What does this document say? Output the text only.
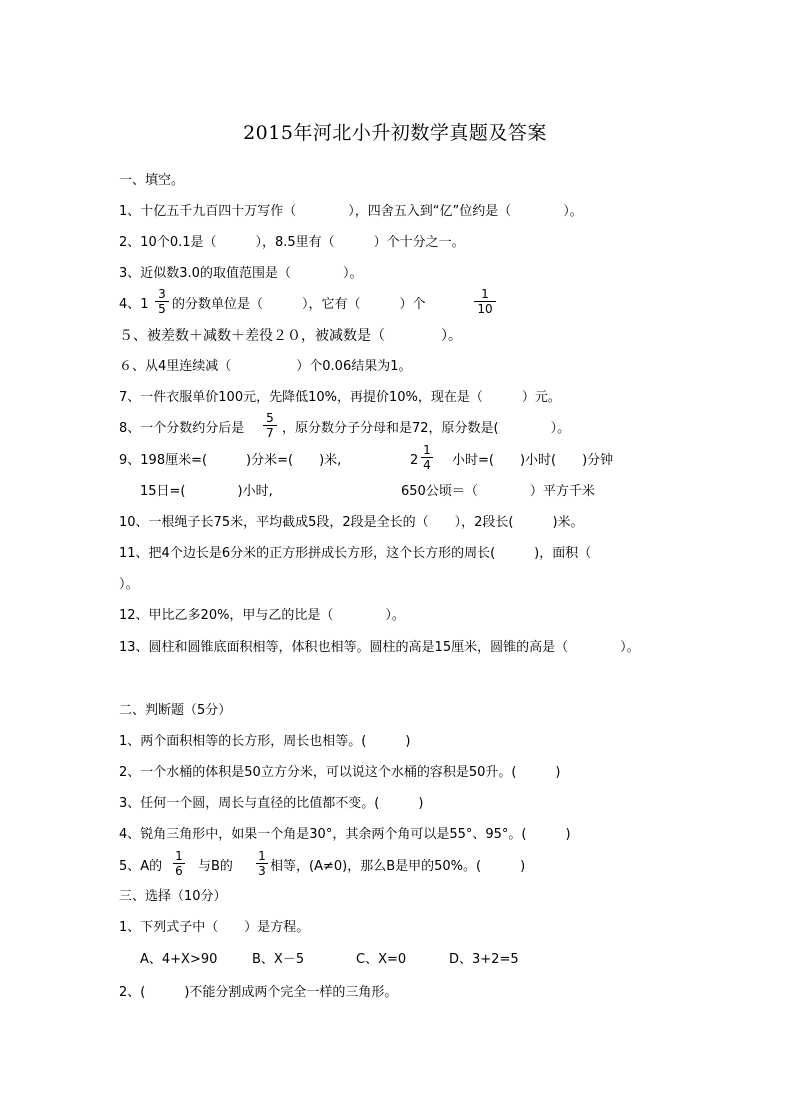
2015年河北小升初数学真题及答案
一、填空。
1、十亿五千九百四十万写作（　　　　），四舍五入到“亿”位约是（　　　　）。
2、10个0.1是（　　　），8.5里有（　　　）个十分之一。
3、近似数3.0的取值范围是（　　　　）。
4、$1 \frac{3}{5}$ 的分数单位是（　　　），它有（　　　）个	$\frac{1}{10}$
５、被差数＋减数＋差役２０，被减数是（　　　　）。
６、从4里连续减（　　　　　）个0.06结果为1。
7、一件衣服单价100元，先降低10%，再提价10%，现在是（　　　）元。
8、一个分数约分后是 $\frac{5}{7}$ ，原分数分子分母和是72，原分数是(　　　　）。
9、198厘米=(　　　)分米=(　　)米,	$2 \frac{1}{4}$ 小时=(　　)小时(　　)分钟
15日=(　　　　)小时,	650公顷＝（　　　　）平方千米
10、一根绳子长75米，平均截成5段，2段是全长的（　　），2段长(　　　)米。
11、把4个边长是6分米的正方形拼成长方形，这个长方形的周长(　　　)，面积（
）。
12、甲比乙多20%，甲与乙的比是（　　　　）。
13、圆柱和圆锥底面积相等，体积也相等。圆柱的高是15厘米，圆锥的高是（　　　　）。
二、判断题（5分）
1、两个面积相等的长方形，周长也相等。(　　　)
2、一个水桶的体积是50立方分米，可以说这个水桶的容积是50升。(　　　)
3、任何一个圆，周长与直径的比值都不变。(　　　)
4、锐角三角形中，如果一个角是30°，其余两个角可以是55°、95°。(　　　)
5、A的 $\frac{1}{6}$ 与B的 $\frac{1}{3}$ 相等，(A≠0)，那么B是甲的50%。(　　　)
三、选择（10分）
1、下列式子中（　　）是方程。
A、4+X>90	B、X－5	C、X=0	D、3+2=5
2、(　　　)不能分割成两个完全一样的三角形。
